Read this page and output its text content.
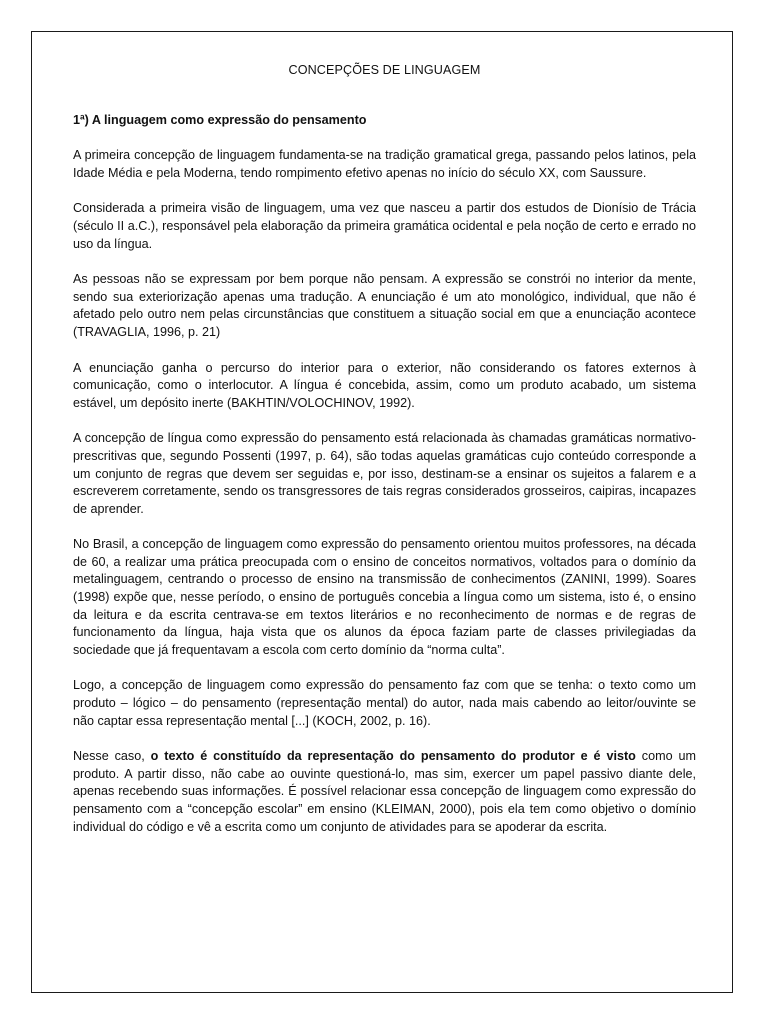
CONCEPÇÕES DE LINGUAGEM
1ª) A linguagem como expressão do pensamento

A primeira concepção de linguagem fundamenta-se na tradição gramatical grega, passando pelos latinos, pela Idade Média e pela Moderna, tendo rompimento efetivo apenas no início do século XX, com Saussure.

Considerada a primeira visão de linguagem, uma vez que nasceu a partir dos estudos de Dionísio de Trácia (século II a.C.), responsável pela elaboração da primeira gramática ocidental e pela noção de certo e errado no uso da língua.

As pessoas não se expressam por bem porque não pensam. A expressão se constrói no interior da mente, sendo sua exteriorização apenas uma tradução. A enunciação é um ato monológico, individual, que não é afetado pelo outro nem pelas circunstâncias que constituem a situação social em que a enunciação acontece (TRAVAGLIA, 1996, p. 21)

A enunciação ganha o percurso do interior para o exterior, não considerando os fatores externos à comunicação, como o interlocutor. A língua é concebida, assim, como um produto acabado, um sistema estável, um depósito inerte (BAKHTIN/VOLOCHINOV, 1992).

A concepção de língua como expressão do pensamento está relacionada às chamadas gramáticas normativo-prescritivas que, segundo Possenti (1997, p. 64), são todas aquelas gramáticas cujo conteúdo corresponde a um conjunto de regras que devem ser seguidas e, por isso, destinam-se a ensinar os sujeitos a falarem e a escreverem corretamente, sendo os transgressores de tais regras considerados grosseiros, caipiras, incapazes de aprender.

No Brasil, a concepção de linguagem como expressão do pensamento orientou muitos professores, na década de 60, a realizar uma prática preocupada com o ensino de conceitos normativos, voltados para o domínio da metalinguagem, centrando o processo de ensino na transmissão de conhecimentos (ZANINI, 1999). Soares (1998) expõe que, nesse período, o ensino de português concebia a língua como um sistema, isto é, o ensino da leitura e da escrita centrava-se em textos literários e no reconhecimento de normas e de regras de funcionamento da língua, haja vista que os alunos da época faziam parte de classes privilegiadas da sociedade que já frequentavam a escola com certo domínio da “norma culta”.

Logo, a concepção de linguagem como expressão do pensamento faz com que se tenha: o texto como um produto – lógico – do pensamento (representação mental) do autor, nada mais cabendo ao leitor/ouvinte se não captar essa representação mental [...] (KOCH, 2002, p. 16).

Nesse caso, o texto é constituído da representação do pensamento do produtor e é visto como um produto. A partir disso, não cabe ao ouvinte questioná-lo, mas sim, exercer um papel passivo diante dele, apenas recebendo suas informações. É possível relacionar essa concepção de linguagem como expressão do pensamento com a “concepção escolar” em ensino (KLEIMAN, 2000), pois ela tem como objetivo o domínio individual do código e vê a escrita como um conjunto de atividades para se apoderar da escrita.
